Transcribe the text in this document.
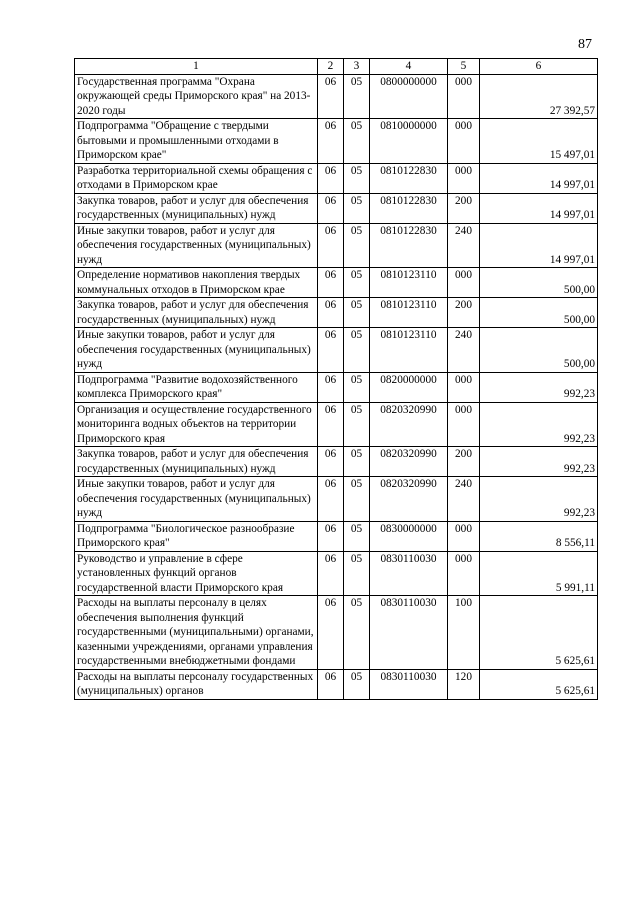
87
1	2	3	4	5	6
Государственная программа "Охрана окружающей среды Приморского края" на 2013-2020 годы	06	05	0800000000	000	27 392,57
Подпрограмма "Обращение с твердыми бытовыми и промышленными отходами в Приморском крае"	06	05	0810000000	000	15 497,01
Разработка территориальной схемы обращения с отходами в Приморском крае	06	05	0810122830	000	14 997,01
Закупка товаров, работ и услуг для обеспечения государственных (муниципальных) нужд	06	05	0810122830	200	14 997,01
Иные закупки товаров, работ и услуг для обеспечения государственных (муниципальных) нужд	06	05	0810122830	240	14 997,01
Определение нормативов накопления твердых коммунальных отходов в Приморском крае	06	05	0810123110	000	500,00
Закупка товаров, работ и услуг для обеспечения государственных (муниципальных) нужд	06	05	0810123110	200	500,00
Иные закупки товаров, работ и услуг для обеспечения государственных (муниципальных) нужд	06	05	0810123110	240	500,00
Подпрограмма "Развитие водохозяйственного комплекса Приморского края"	06	05	0820000000	000	992,23
Организация и осуществление государственного мониторинга водных объектов на территории Приморского края	06	05	0820320990	000	992,23
Закупка товаров, работ и услуг для обеспечения государственных (муниципальных) нужд	06	05	0820320990	200	992,23
Иные закупки товаров, работ и услуг для обеспечения государственных (муниципальных) нужд	06	05	0820320990	240	992,23
Подпрограмма "Биологическое разнообразие Приморского края"	06	05	0830000000	000	8 556,11
Руководство и управление в сфере установленных функций органов государственной власти Приморского края	06	05	0830110030	000	5 991,11
Расходы на выплаты персоналу в целях обеспечения выполнения функций государственными (муниципальными) органами, казенными учреждениями, органами управления государственными внебюджетными фондами	06	05	0830110030	100	5 625,61
Расходы на выплаты персоналу государственных (муниципальных) органов	06	05	0830110030	120	5 625,61
